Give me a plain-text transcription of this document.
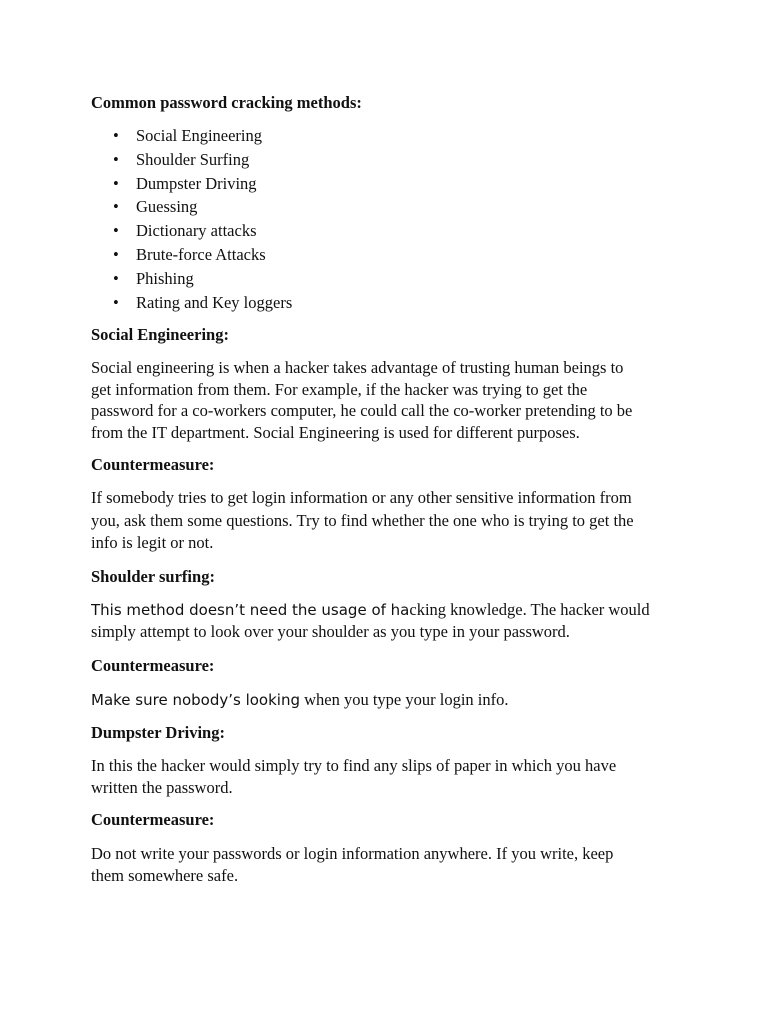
Common password cracking methods:

• Social Engineering
• Shoulder Surfing
• Dumpster Driving
• Guessing
• Dictionary attacks
• Brute-force Attacks
• Phishing
• Rating and Key loggers

Social Engineering:

Social engineering is when a hacker takes advantage of trusting human beings to
get information from them. For example, if the hacker was trying to get the
password for a co-workers computer, he could call the co-worker pretending to be
from the IT department. Social Engineering is used for different purposes.

Countermeasure:

If somebody tries to get login information or any other sensitive information from
you, ask them some questions. Try to find whether the one who is trying to get the
info is legit or not.

Shoulder surfing:

This method doesn’t need the usage of hacking knowledge. The hacker would
simply attempt to look over your shoulder as you type in your password.

Countermeasure:

Make sure nobody’s looking when you type your login info.

Dumpster Driving:

In this the hacker would simply try to find any slips of paper in which you have
written the password.

Countermeasure:

Do not write your passwords or login information anywhere. If you write, keep
them somewhere safe.
